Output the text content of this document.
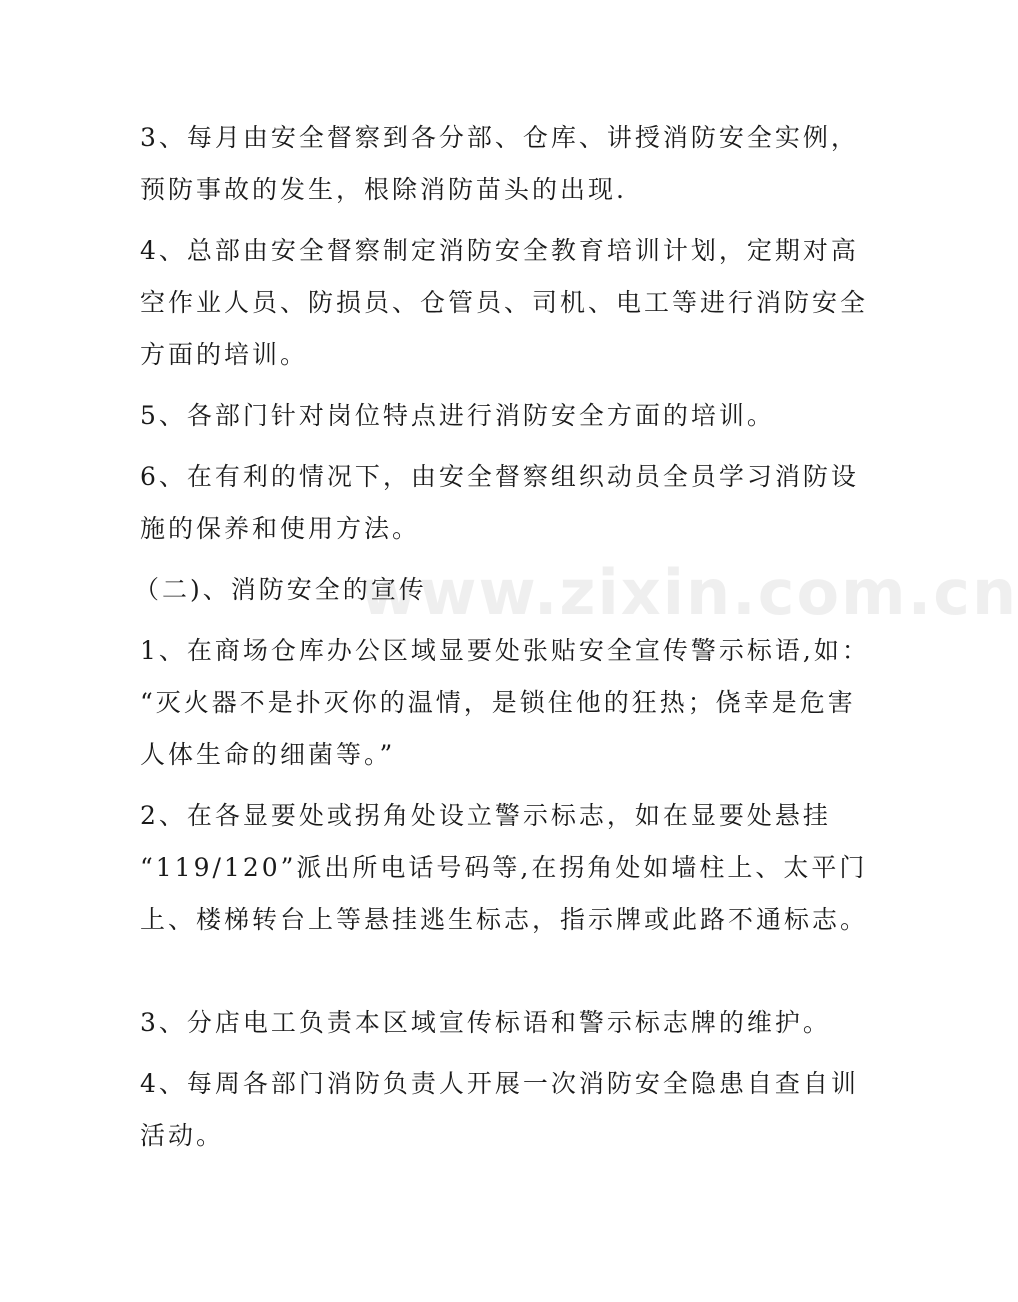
www.zixin.com.cn

3、每月由安全督察到各分部、仓库、讲授消防安全实例，
预防事故的发生，根除消防苗头的出现.

4、总部由安全督察制定消防安全教育培训计划，定期对高
空作业人员、防损员、仓管员、司机、电工等进行消防安全
方面的培训。

5、各部门针对岗位特点进行消防安全方面的培训。

6、在有利的情况下，由安全督察组织动员全员学习消防设
施的保养和使用方法。

（二)、消防安全的宣传

1、在商场仓库办公区域显要处张贴安全宣传警示标语,如：
“灭火器不是扑灭你的温情，是锁住他的狂热；侥幸是危害
人体生命的细菌等。”

2、在各显要处或拐角处设立警示标志，如在显要处悬挂
“119/120”派出所电话号码等,在拐角处如墙柱上、太平门
上、楼梯转台上等悬挂逃生标志，指示牌或此路不通标志。

3、分店电工负责本区域宣传标语和警示标志牌的维护。

4、每周各部门消防负责人开展一次消防安全隐患自查自训
活动。
